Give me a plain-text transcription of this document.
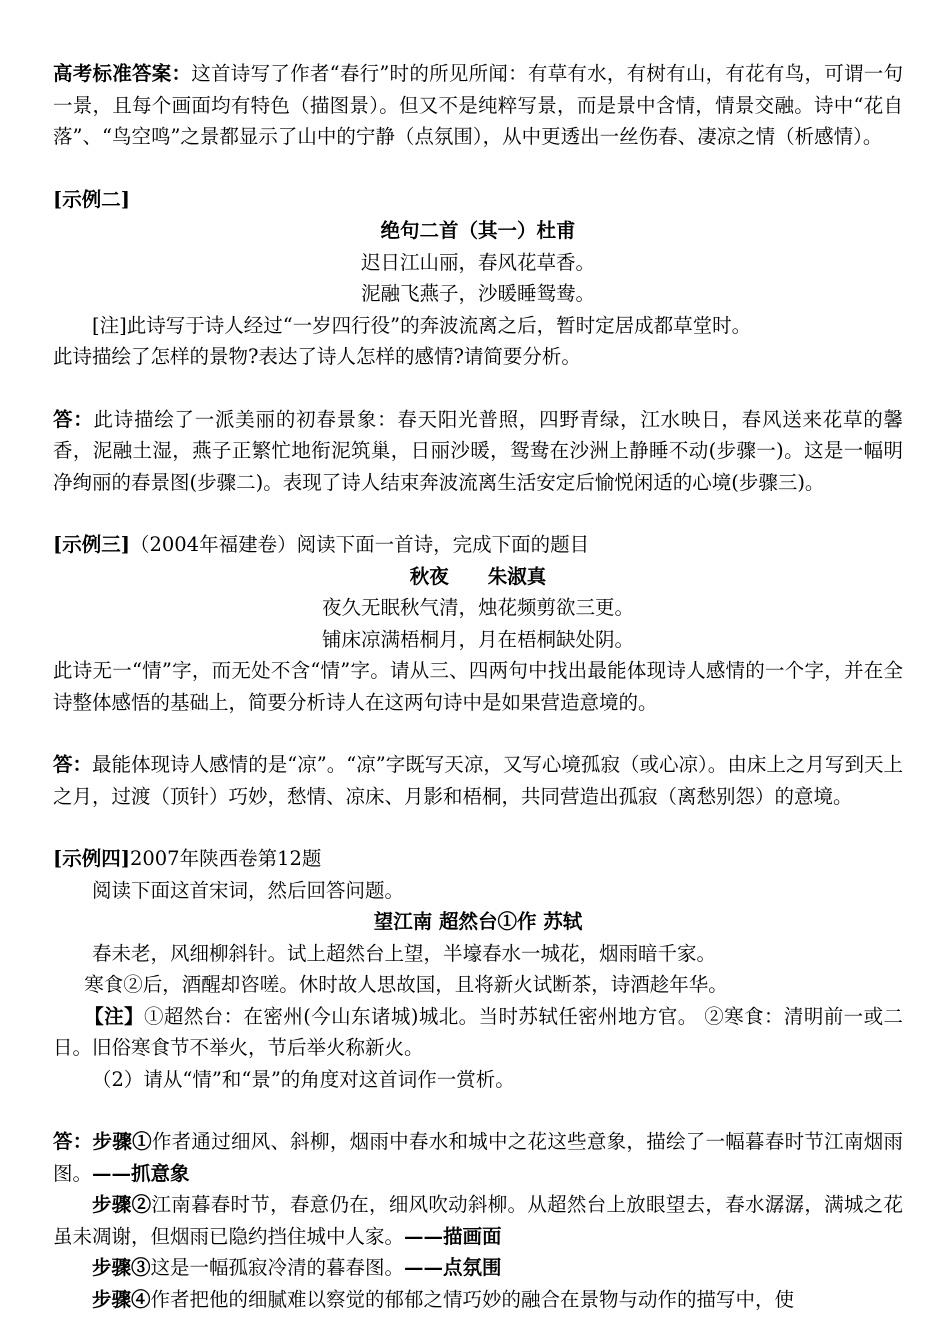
高考标准答案：这首诗写了作者“春行”时的所见所闻：有草有水，有树有山，有花有鸟，可谓一句一景，且每个画面均有特色（描图景）。但又不是纯粹写景，而是景中含情，情景交融。诗中“花自落”、“鸟空鸣”之景都显示了山中的宁静（点氛围），从中更透出一丝伤春、凄凉之情（析感情）。

[示例二]

绝句二首（其一）杜甫

迟日江山丽，春风花草香。

泥融飞燕子，沙暖睡鸳鸯。

[注]此诗写于诗人经过“一岁四行役”的奔波流离之后，暂时定居成都草堂时。

此诗描绘了怎样的景物?表达了诗人怎样的感情?请简要分析。

答：此诗描绘了一派美丽的初春景象：春天阳光普照，四野青绿，江水映日，春风送来花草的馨香，泥融土湿，燕子正繁忙地衔泥筑巢，日丽沙暖，鸳鸯在沙洲上静睡不动(步骤一)。这是一幅明净绚丽的春景图(步骤二)。表现了诗人结束奔波流离生活安定后愉悦闲适的心境(步骤三)。

[示例三]（2004年福建卷）阅读下面一首诗，完成下面的题目

秋夜　　朱淑真

夜久无眠秋气清，烛花频剪欲三更。

铺床凉满梧桐月，月在梧桐缺处阴。

此诗无一“情”字，而无处不含“情”字。请从三、四两句中找出最能体现诗人感情的一个字，并在全诗整体感悟的基础上，简要分析诗人在这两句诗中是如果营造意境的。

答：最能体现诗人感情的是“凉”。“凉”字既写天凉，又写心境孤寂（或心凉）。由床上之月写到天上之月，过渡（顶针）巧妙，愁情、凉床、月影和梧桐，共同营造出孤寂（离愁别怨）的意境。

[示例四]2007年陕西卷第12题

阅读下面这首宋词，然后回答问题。

望江南 超然台①作 苏轼

春未老，风细柳斜针。试上超然台上望，半壕春水一城花，烟雨暗千家。

寒食②后，酒醒却咨嗟。休时故人思故国，且将新火试断茶，诗酒趁年华。

【注】①超然台：在密州(今山东诸城)城北。当时苏轼任密州地方官。 ②寒食：清明前一或二日。旧俗寒食节不举火，节后举火称新火。

（2）请从“情”和“景”的角度对这首词作一赏析。

答：步骤①作者通过细风、斜柳，烟雨中春水和城中之花这些意象，描绘了一幅暮春时节江南烟雨图。——抓意象

步骤②江南暮春时节，春意仍在，细风吹动斜柳。从超然台上放眼望去，春水潺潺，满城之花虽未凋谢，但烟雨已隐约挡住城中人家。——描画面

步骤③这是一幅孤寂冷清的暮春图。——点氛围

步骤④作者把他的细腻难以察觉的郁郁之情巧妙的融合在景物与动作的描写中，使
